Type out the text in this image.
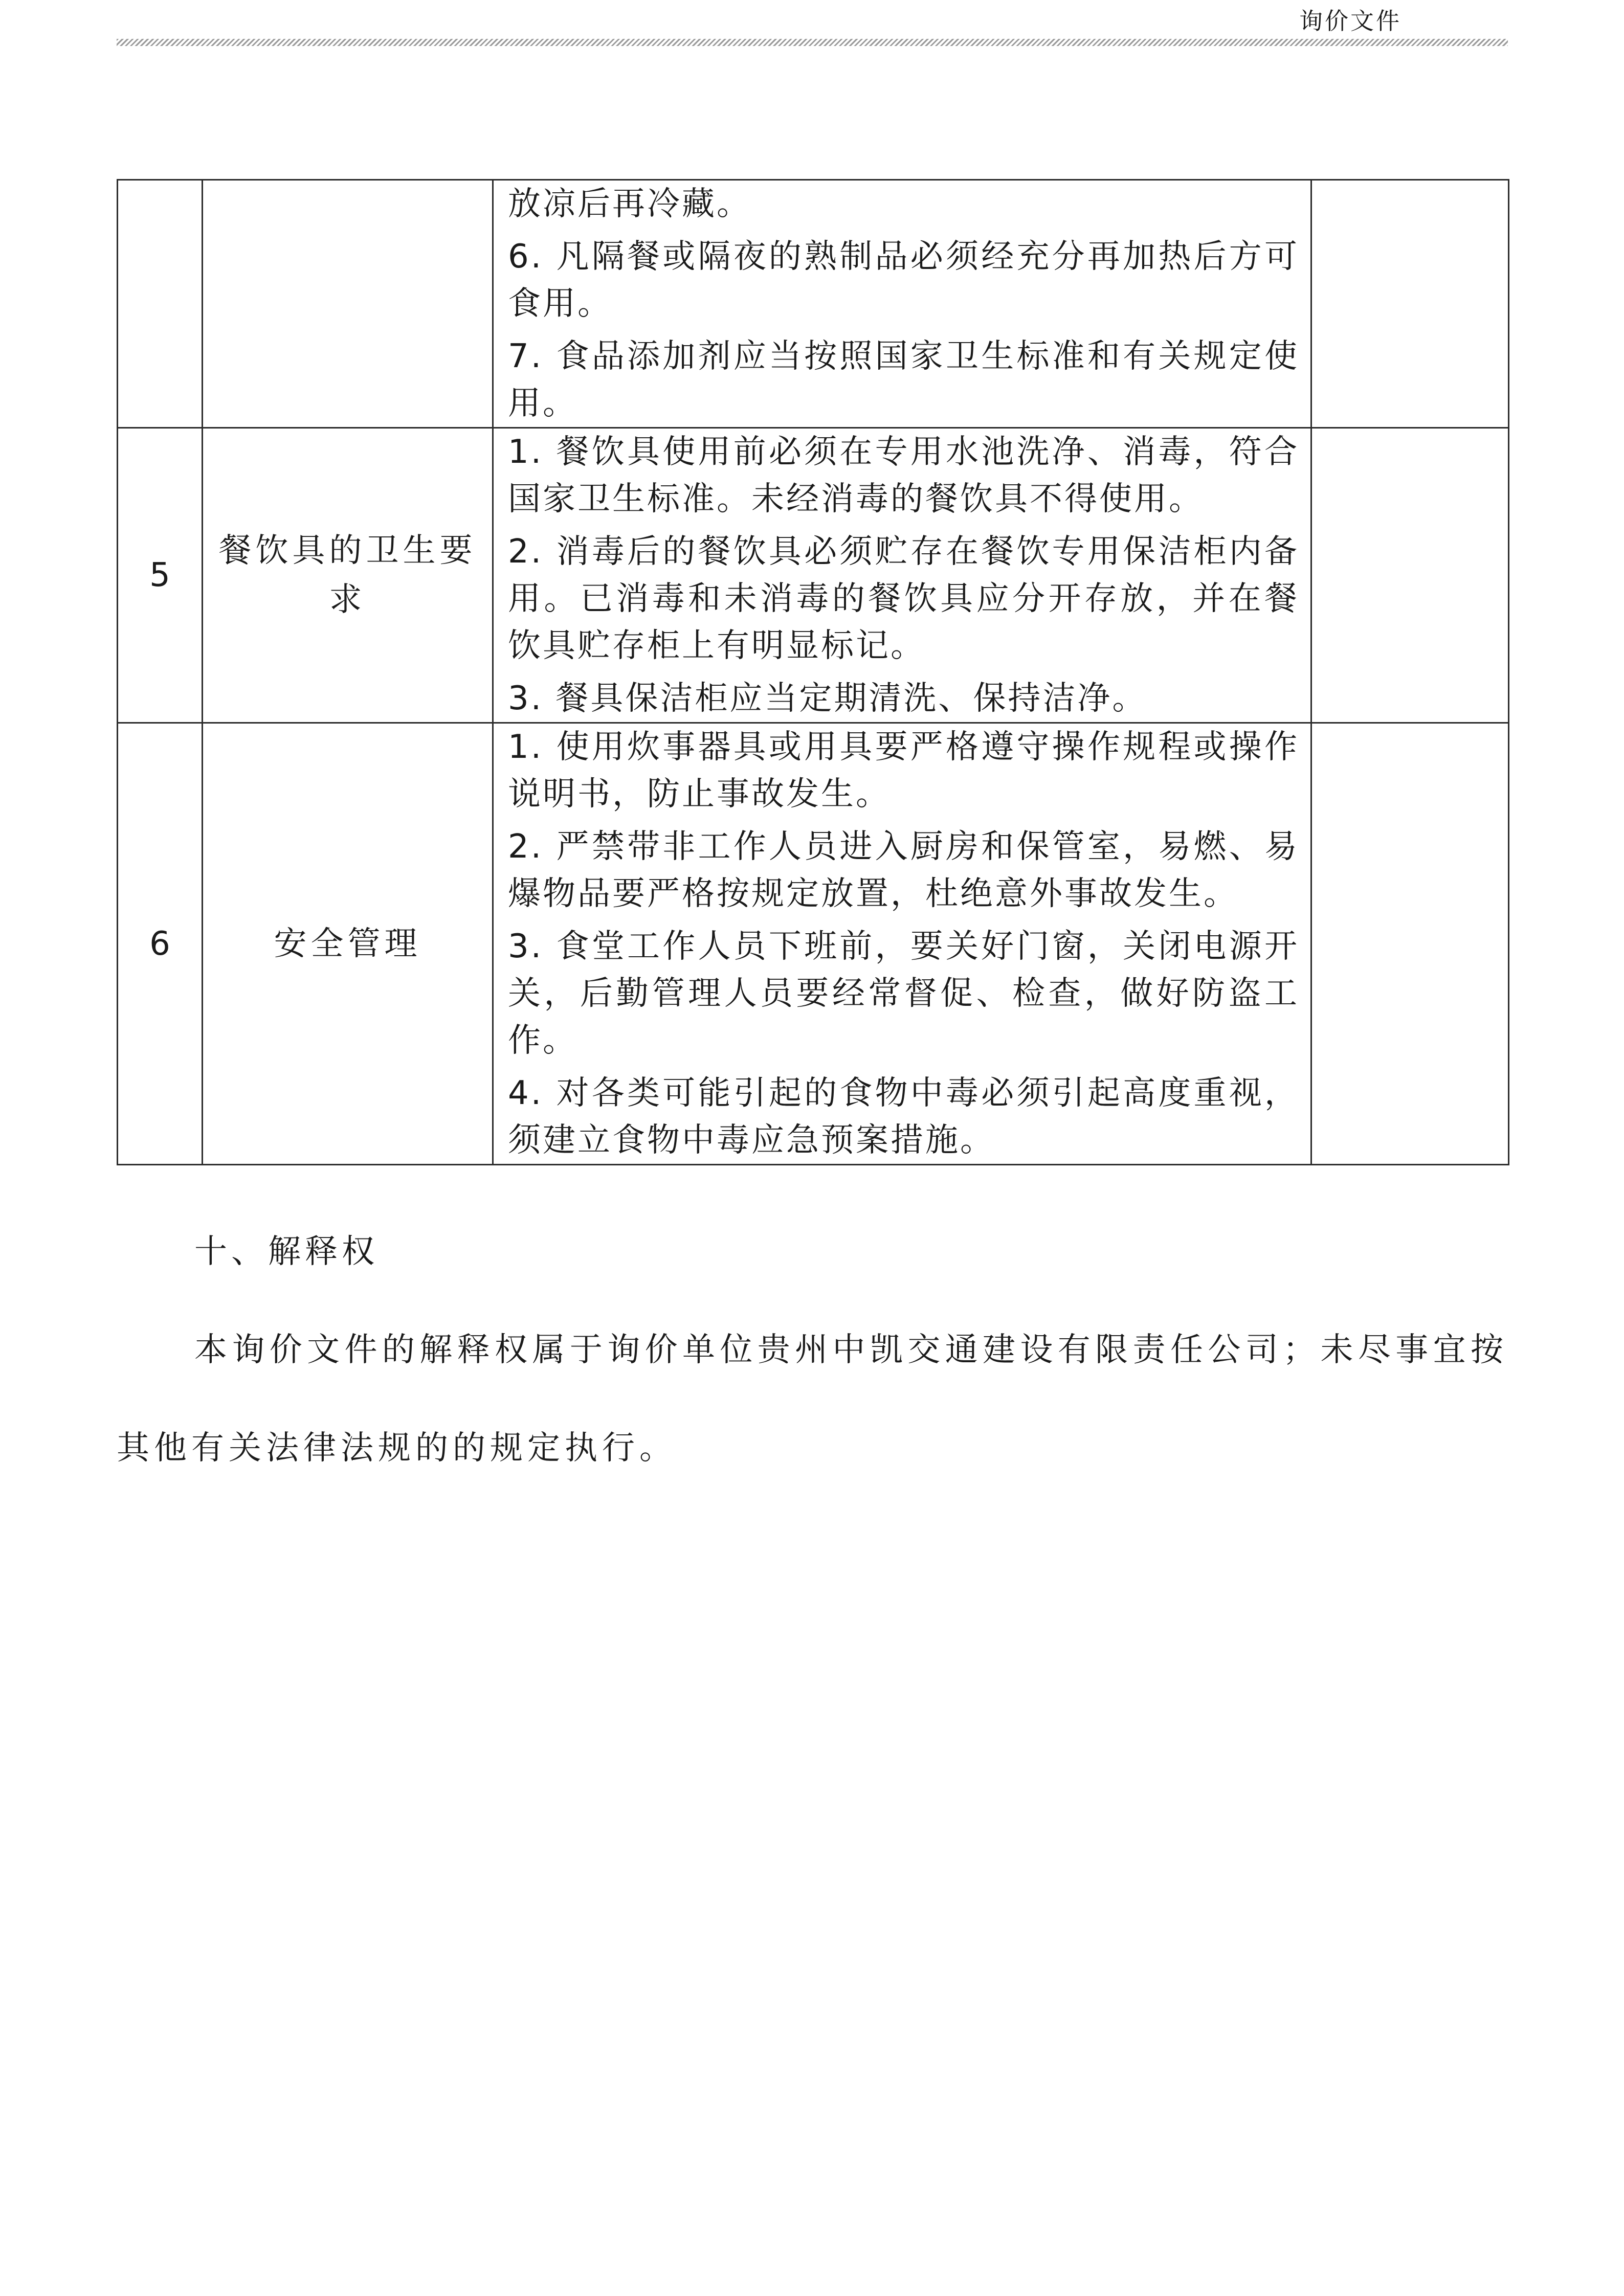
询价文件

		放凉后再冷藏。

6. 凡隔餐或隔夜的熟制品必须经充分再加热后方可食用。

7. 食品添加剂应当按照国家卫生标准和有关规定使用。	

5	餐饮具的卫生要求	1. 餐饮具使用前必须在专用水池洗净、消毒，符合国家卫生标准。未经消毒的餐饮具不得使用。

2. 消毒后的餐饮具必须贮存在餐饮专用保洁柜内备用。已消毒和未消毒的餐饮具应分开存放，并在餐饮具贮存柜上有明显标记。

3. 餐具保洁柜应当定期清洗、保持洁净。	

6	安全管理	1. 使用炊事器具或用具要严格遵守操作规程或操作说明书，防止事故发生。

2. 严禁带非工作人员进入厨房和保管室，易燃、易爆物品要严格按规定放置，杜绝意外事故发生。

3. 食堂工作人员下班前，要关好门窗，关闭电源开关，后勤管理人员要经常督促、检查，做好防盗工作。

4. 对各类可能引起的食物中毒必须引起高度重视，须建立食物中毒应急预案措施。	

十、解释权

本询价文件的解释权属于询价单位贵州中凯交通建设有限责任公司；未尽事宜按其他有关法律法规的的规定执行。
